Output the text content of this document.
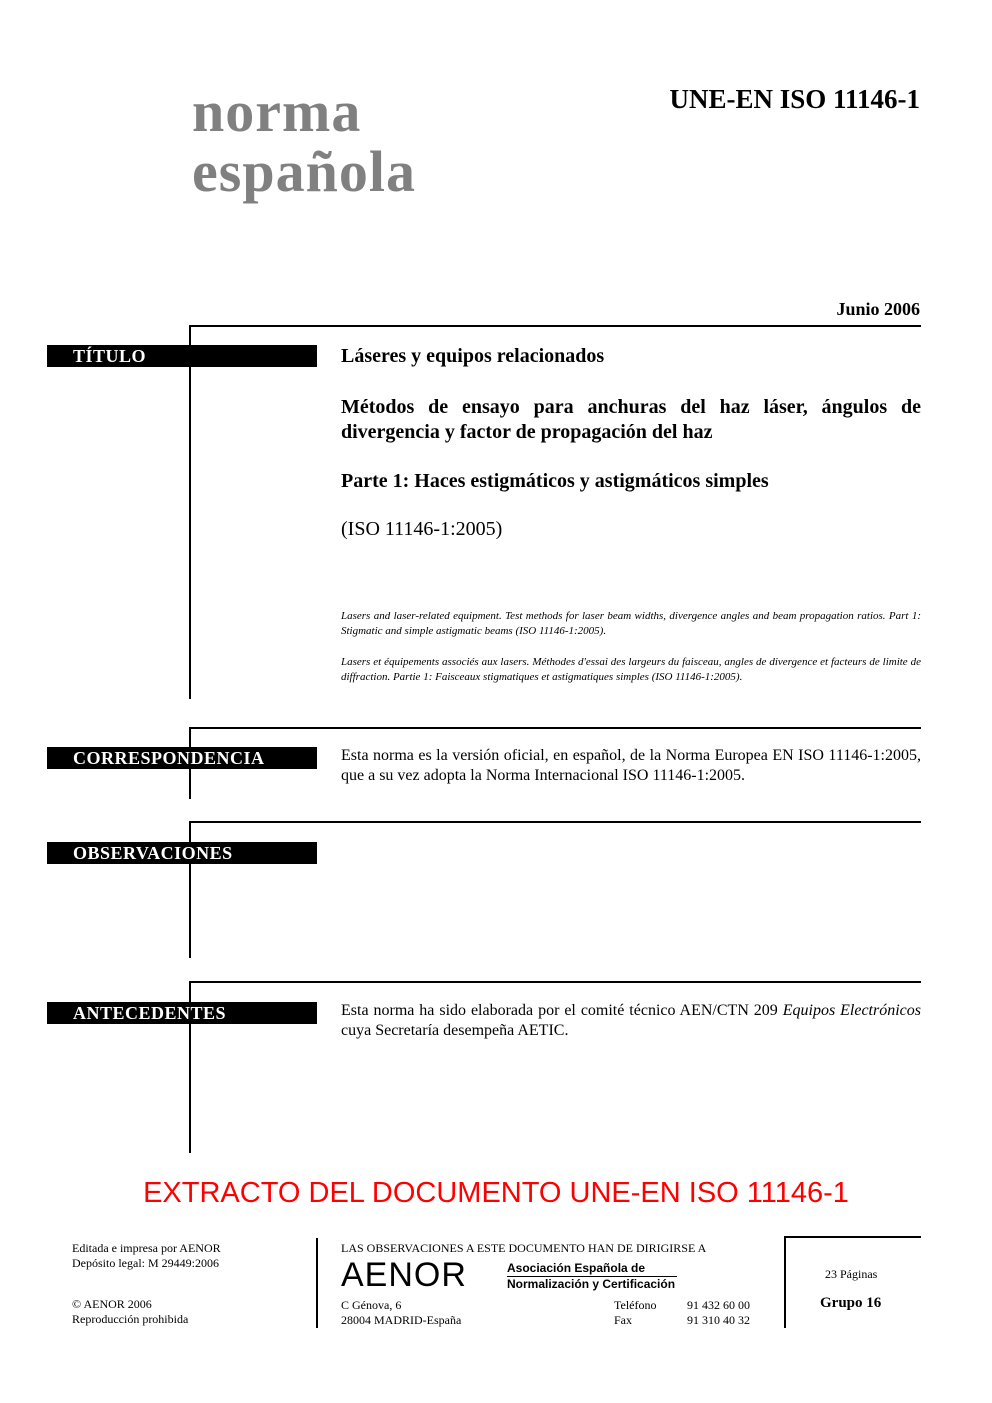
norma
española
UNE-EN ISO 11146-1
Junio 2006
TÍTULO	Láseres y equipos relacionados
Métodos de ensayo para anchuras del haz láser, ángulos de divergencia y factor de propagación del haz
Parte 1: Haces estigmáticos y astigmáticos simples
(ISO 11146-1:2005)
Lasers and laser-related equipment. Test methods for laser beam widths, divergence angles and beam propagation ratios. Part 1: Stigmatic and simple astigmatic beams (ISO 11146-1:2005).
Lasers et équipements associés aux lasers. Méthodes d'essai des largeurs du faisceau, angles de divergence et facteurs de limite de diffraction. Partie 1: Faisceaux stigmatiques et astigmatiques simples (ISO 11146-1:2005).
CORRESPONDENCIA	Esta norma es la versión oficial, en español, de la Norma Europea EN ISO 11146-1:2005, que a su vez adopta la Norma Internacional ISO 11146-1:2005.
OBSERVACIONES
ANTECEDENTES	Esta norma ha sido elaborada por el comité técnico AEN/CTN 209 Equipos Electrónicos cuya Secretaría desempeña AETIC.
EXTRACTO DEL DOCUMENTO UNE-EN ISO 11146-1
Editada e impresa por AENOR
Depósito legal: M 29449:2006
© AENOR 2006
Reproducción prohibida
LAS OBSERVACIONES A ESTE DOCUMENTO HAN DE DIRIGIRSE A
AENOR	Asociación Española de
Normalización y Certificación
C Génova, 6
28004 MADRID-España
Teléfono	91 432 60 00
Fax	91 310 40 32
23 Páginas
Grupo 16
